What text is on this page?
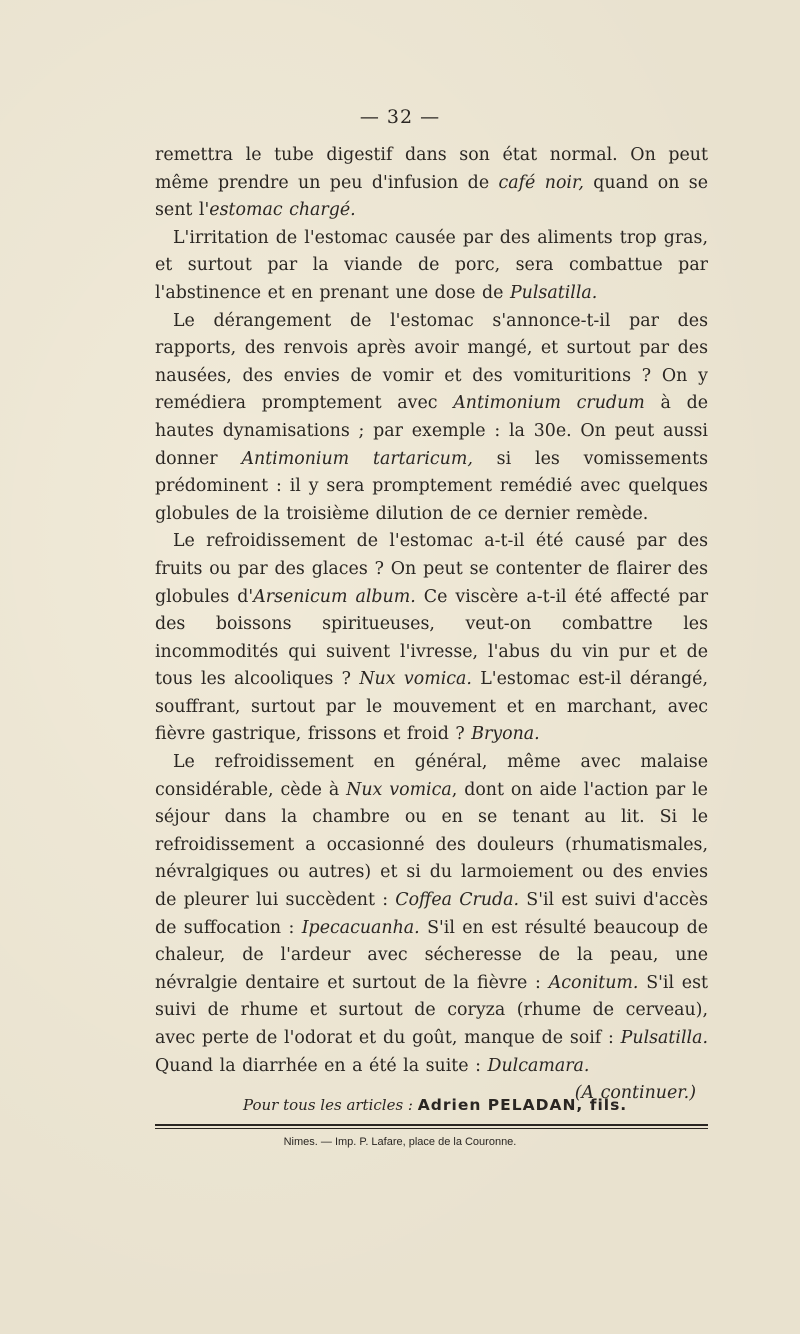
— 32 —

remettra le tube digestif dans son état normal. On peut même prendre un peu d'infusion de café noir, quand on se sent l'estomac chargé.

L'irritation de l'estomac causée par des aliments trop gras, et surtout par la viande de porc, sera combattue par l'abstinence et en prenant une dose de Pulsatilla.

Le dérangement de l'estomac s'annonce-t-il par des rapports, des renvois après avoir mangé, et surtout par des nausées, des envies de vomir et des vomituritions ? On y remédiera promptement avec Antimonium crudum à de hautes dynamisations ; par exemple : la 30e. On peut aussi donner Antimonium tartaricum, si les vomissements prédominent : il y sera promptement remédié avec quelques globules de la troisième dilution de ce dernier remède.

Le refroidissement de l'estomac a-t-il été causé par des fruits ou par des glaces ? On peut se contenter de flairer des globules d'Arsenicum album. Ce viscère a-t-il été affecté par des boissons spiritueuses, veut-on combattre les incommodités qui suivent l'ivresse, l'abus du vin pur et de tous les alcooliques ? Nux vomica. L'estomac est-il dérangé, souffrant, surtout par le mouvement et en marchant, avec fièvre gastrique, frissons et froid ? Bryona.

Le refroidissement en général, même avec malaise considérable, cède à Nux vomica, dont on aide l'action par le séjour dans la chambre ou en se tenant au lit. Si le refroidissement a occasionné des douleurs (rhumatismales, névralgiques ou autres) et si du larmoiement ou des envies de pleurer lui succèdent : Coffea Cruda. S'il est suivi d'accès de suffocation : Ipecacuanha. S'il en est résulté beaucoup de chaleur, de l'ardeur avec sécheresse de la peau, une névralgie dentaire et surtout de la fièvre : Aconitum. S'il est suivi de rhume et surtout de coryza (rhume de cerveau), avec perte de l'odorat et du goût, manque de soif : Pulsatilla. Quand la diarrhée en a été la suite : Dulcamara.

(A continuer.)
Pour tous les articles : Adrien PELADAN, fils.
Nimes. — Imp. P. Lafare, place de la Couronne.
